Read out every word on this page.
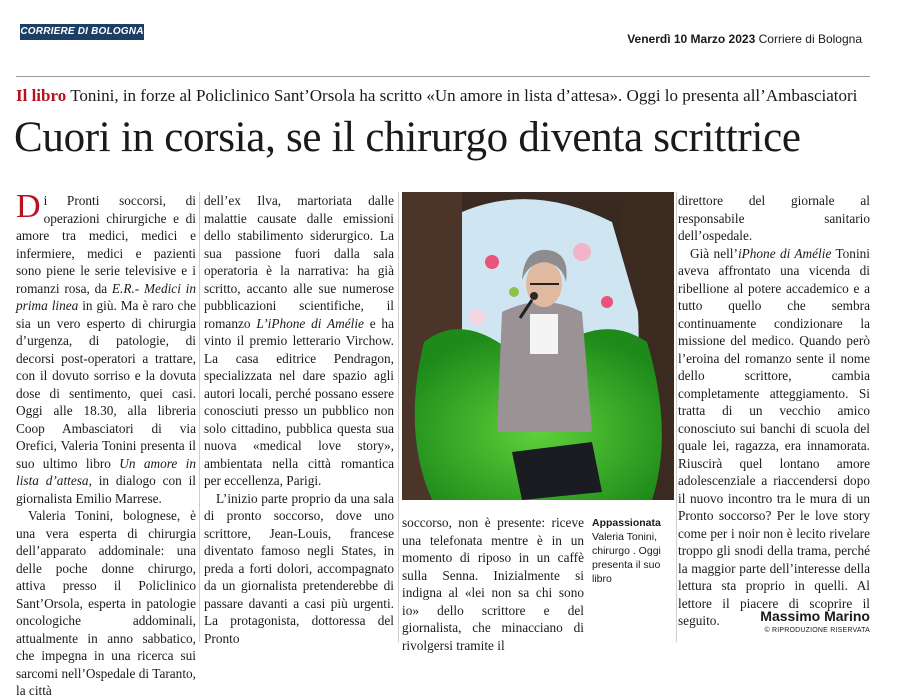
CORRIERE DI BOLOGNA
Venerdì 10 Marzo 2023 Corriere di Bologna
Il libro Tonini, in forze al Policlinico Sant’Orsola ha scritto «Un amore in lista d’attesa». Oggi lo presenta all’Ambasciatori
Cuori in corsia, se il chirurgo diventa scrittrice

Di Pronti soccorsi, di operazioni chirurgiche e di amore tra medici, medici e infermiere, medici e pazienti sono piene le serie televisive e i romanzi rosa, da E.R.- Medici in prima linea in giù. Ma è raro che sia un vero esperto di chirurgia d’urgenza, di patologie, di decorsi post-operatori a trattare, con il dovuto sorriso e la dovuta dose di sentimento, quei casi. Oggi alle 18.30, alla libreria Coop Ambasciatori di via Orefici, Valeria Tonini presenta il suo ultimo libro Un amore in lista d’attesa, in dialogo con il giornalista Emilio Marrese.

Valeria Tonini, bolognese, è una vera esperta di chirurgia dell’apparato addominale: una delle poche donne chirurgo, attiva presso il Policlinico Sant’Orsola, esperta in patologie oncologiche addominali, attualmente in anno sabbatico, che impegna in una ricerca sui sarcomi nell’Ospedale di Taranto, la città

dell’ex Ilva, martoriata dalle malattie causate dalle emissioni dello stabilimento siderurgico. La sua passione fuori dalla sala operatoria è la narrativa: ha già scritto, accanto alle sue numerose pubblicazioni scientifiche, il romanzo L’iPhone di Amélie e ha vinto il premio letterario Virchow. La casa editrice Pendragon, specializzata nel dare spazio agli autori locali, perché possano essere conosciuti presso un pubblico non solo cittadino, pubblica questa sua nuova «medical love story», ambientata nella città romantica per eccellenza, Parigi.

L’inizio parte proprio da una sala di pronto soccorso, dove uno scrittore, Jean-Louis, francese diventato famoso negli States, in preda a forti dolori, accompagnato da un giornalista pretenderebbe di passare davanti a casi più urgenti. La protagonista, dottoressa del Pronto

soccorso, non è presente: riceve una telefonata mentre è in un momento di riposo in un caffè sulla Senna. Inizialmente si indigna al «lei non sa chi sono io» dello scrittore e del giornalista, che minacciano di rivolgersi tramite il

Appassionata
Valeria Tonini, chirurgo . Oggi presenta il suo libro

direttore del giornale al responsabile sanitario dell’ospedale.

Già nell’iPhone di Amélie Tonini aveva affrontato una vicenda di ribellione al potere accademico e a tutto quello che sembra continuamente condizionare la missione del medico. Quando però l’eroina del romanzo sente il nome dello scrittore, cambia completamente atteggiamento. Si tratta di un vecchio amico conosciuto sui banchi di scuola del quale lei, ragazza, era innamorata. Riuscirà quel lontano amore adolescenziale a riaccendersi dopo il nuovo incontro tra le mura di un Pronto soccorso? Per le love story come per i noir non è lecito rivelare troppo gli snodi della trama, perché la maggior parte dell’interesse della lettura sta proprio in quelli. Al lettore il piacere di scoprire il seguito.	Massimo Marino
© RIPRODUZIONE RISERVATA
